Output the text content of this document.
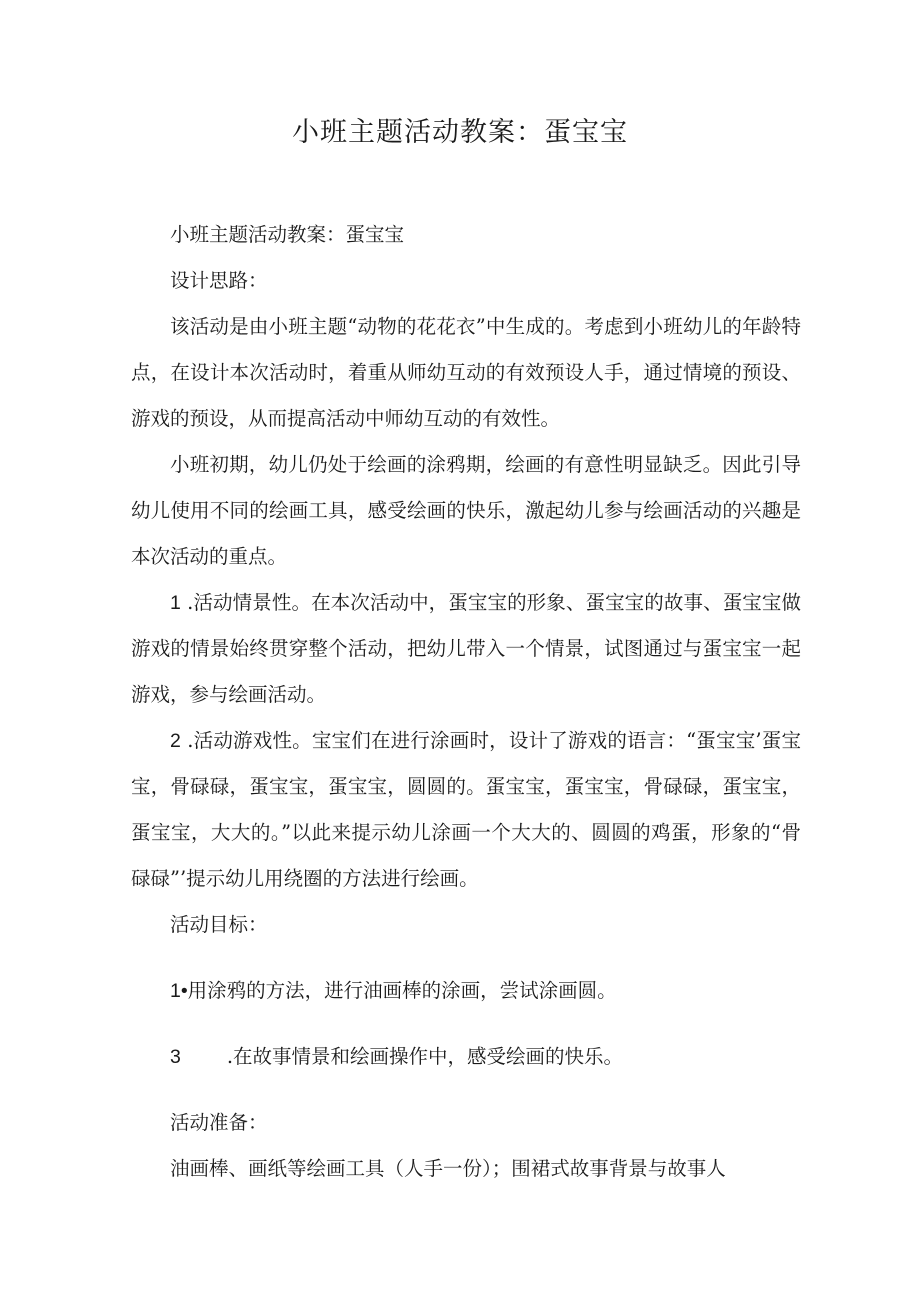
小班主题活动教案：蛋宝宝

小班主题活动教案：蛋宝宝

设计思路：

该活动是由小班主题“动物的花花衣”中生成的。考虑到小班幼儿的年龄特点，在设计本次活动时，着重从师幼互动的有效预设人手，通过情境的预设、游戏的预设，从而提高活动中师幼互动的有效性。

小班初期，幼儿仍处于绘画的涂鸦期，绘画的有意性明显缺乏。因此引导幼儿使用不同的绘画工具，感受绘画的快乐，激起幼儿参与绘画活动的兴趣是本次活动的重点。

1 .活动情景性。在本次活动中，蛋宝宝的形象、蛋宝宝的故事、蛋宝宝做游戏的情景始终贯穿整个活动，把幼儿带入一个情景，试图通过与蛋宝宝一起游戏，参与绘画活动。

2 .活动游戏性。宝宝们在进行涂画时，设计了游戏的语言：“蛋宝宝’蛋宝宝，骨碌碌，蛋宝宝，蛋宝宝，圆圆的。蛋宝宝，蛋宝宝，骨碌碌，蛋宝宝，蛋宝宝，大大的。”以此来提示幼儿涂画一个大大的、圆圆的鸡蛋，形象的“骨碌碌”’提示幼儿用绕圈的方法进行绘画。

活动目标：

1•用涂鸦的方法，进行油画棒的涂画，尝试涂画圆。

3 .在故事情景和绘画操作中，感受绘画的快乐。

活动准备：

油画棒、画纸等绘画工具（人手一份）；围裙式故事背景与故事人
